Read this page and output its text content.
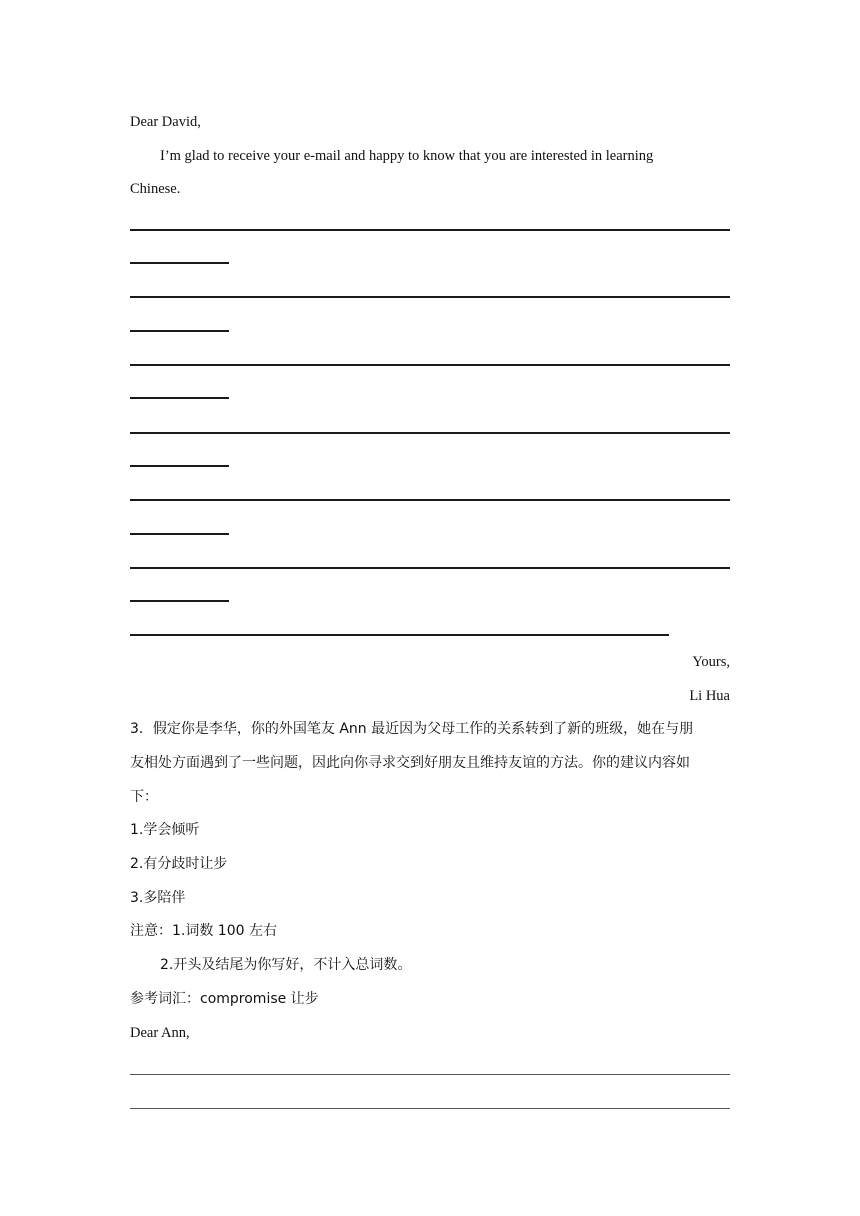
Dear David,
I’m glad to receive your e-mail and happy to know that you are interested in learning
Chinese.
Yours,
Li Hua
3．假定你是李华，你的外国笔友 Ann 最近因为父母工作的关系转到了新的班级，她在与朋
友相处方面遇到了一些问题，因此向你寻求交到好朋友且维持友谊的方法。你的建议内容如
下：
1.学会倾听
2.有分歧时让步
3.多陪伴
注意：1.词数 100 左右
2.开头及结尾为你写好，不计入总词数。
参考词汇：compromise 让步
Dear Ann,
